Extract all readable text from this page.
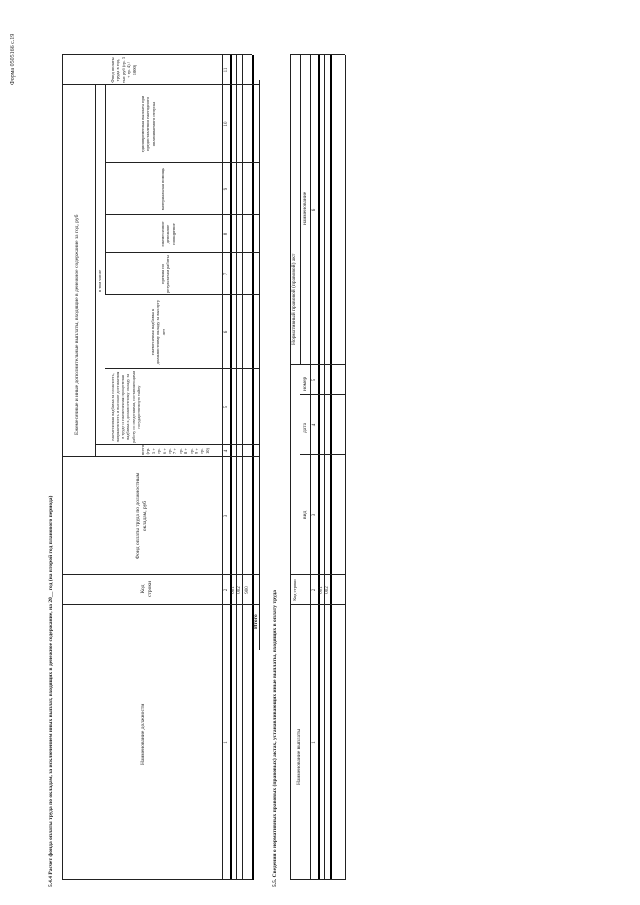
Форма 0505166 с.19
5.4.4 Расчет фонда оплаты труда по окладам, за исключением иных выплат, входящих в денежное содержание, на 20__ год (на второй год планового периода)	Наименование должности
Код строки
Фонд оплаты труда по должностным окладам, руб
Ежемесячные и иные дополнительные выплаты, входящие в денежное содержание за год, руб
всего (гр. 5 + гр. 6 + гр. 7 + гр. 8 + гр. 9 + гр. 10)
в том числе
ежемесячная надбавка за сложность, напряженность и высокие достижения в труде и ежемесячная процентная надбавка к должностному окладу за работу со сведениями, составляющими государственную тайну
ежемесячная надбавка к должностному окладу за выслугу лет
премия по результатам работы
ежемесячное денежное поощрение
материальная помощь
единовременная выплата при предоставлении ежегодного оплачиваемого отпуска
Фонд оплаты труда в год, тыс руб (гр. 3 + гр. 4) / 1000)
1
2
3
4
5
6
7
8
9
10
11
001 002 900
Итого 5.5. Сведения о нормативных правовых (правовых) актах, устанавливающих иные выплаты, входящих в оплату труда	Наименование выплаты
Код строки
Нормативный правовой (правовой) акт
вид
дата
номер
наименование
1
2
3
4
5
6
001 002
